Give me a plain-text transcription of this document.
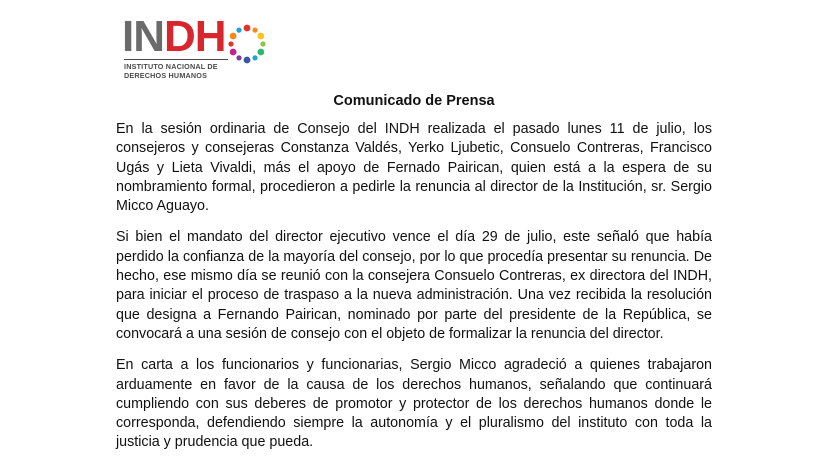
INDH
INSTITUTO NACIONAL DE
DERECHOS HUMANOS
Comunicado de Prensa

En la sesión ordinaria de Consejo del INDH realizada el pasado lunes 11 de julio, los consejeros y consejeras Constanza Valdés, Yerko Ljubetic, Consuelo Contreras, Francisco Ugás y Lieta Vivaldi, más el apoyo de Fernado Pairican, quien está a la espera de su nombramiento formal, procedieron a pedirle la renuncia al director de la Institución, sr. Sergio Micco Aguayo.

Si bien el mandato del director ejecutivo vence el día 29 de julio, este señaló que había perdido la confianza de la mayoría del consejo, por lo que procedía presentar su renuncia. De hecho, ese mismo día se reunió con la consejera Consuelo Contreras, ex directora del INDH, para iniciar el proceso de traspaso a la nueva administración. Una vez recibida la resolución que designa a Fernando Pairican, nominado por parte del presidente de la República, se convocará a una sesión de consejo con el objeto de formalizar la renuncia del director.

En carta a los funcionarios y funcionarias, Sergio Micco agradeció a quienes trabajaron arduamente en favor de la causa de los derechos humanos, señalando que continuará cumpliendo con sus deberes de promotor y protector de los derechos humanos donde le corresponda, defendiendo siempre la autonomía y el pluralismo del instituto con toda la justicia y prudencia que pueda.
